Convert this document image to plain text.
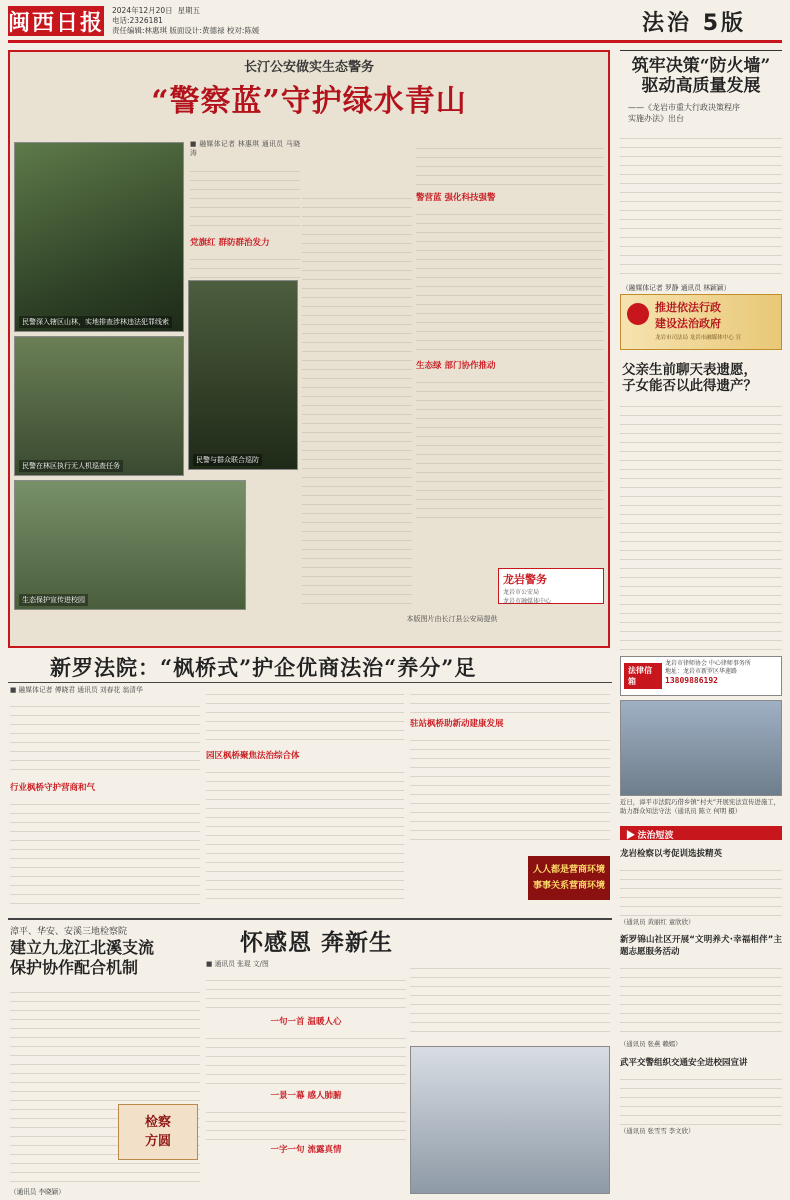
闽西日报 2024年12月20日 星期五
电话:2326181
责任编辑:林惠琪 版面设计:黄德禄 校对:陈媛	法治 5版
长汀公安做实生态警务
“警察蓝”守护绿水青山
民警深入辖区山林，实地排查涉林违法犯罪线索
民警在林区执行无人机巡查任务
生态保护宣传进校园
民警与群众联合巡防
■ 融媒体记者 林惠琪 通讯员 马晓涛
党旗红 群防群治发力
警营蓝 强化科技强警
生态绿 部门协作推动
龙岩警务
龙岩市公安局
龙岩市融媒体中心
本版图片由长汀县公安局提供
筑牢决策“防火墙”
驱动高质量发展
——《龙岩市重大行政决策程序
实施办法》出台
（融媒体记者 罗静 通讯员 林颖颖）
推进依法行政
建设法治政府
龙岩市司法局 龙岩市融媒体中心 宣
父亲生前聊天表遗愿，
子女能否以此得遗产？
法律信箱
龙岩市律师协会 中心律师事务所
地址：龙岩市新罗区华莲路
13809886192
近日，漳平市法院巧借乡镇“村夫”开展宪法宣传进施工，助力群众知法守法（通讯员 陈立 何明 摄）
▶ 法治短波
龙岩检察以考促训选拔精英
（通讯员 黄丽红 童欣欣）
新罗锦山社区开展“文明养犬·幸福相伴”主题志愿服务活动
（通讯员 张燕 赖嫣）
武平交警组织交通安全进校园宣讲
（通讯员 张雪雪 李文欣）
新罗法院：“枫桥式”护企优商法治“养分”足
■ 融媒体记者 傅晓君 通讯员 刘春花 翁清华
行业枫桥守护营商和气
园区枫桥聚焦法治综合体
驻站枫桥助新动建康发展
人人都是营商环境
事事关系营商环境
漳平、华安、安溪三地检察院
建立九龙江北溪支流
保护协作配合机制
检察
方圆
（通讯员 李晓颖）
怀感恩 奔新生
■ 通讯员 张琨 文/图
一句一首 温暖人心
一景一幕 感人肺腑
一字一句 流露真情
